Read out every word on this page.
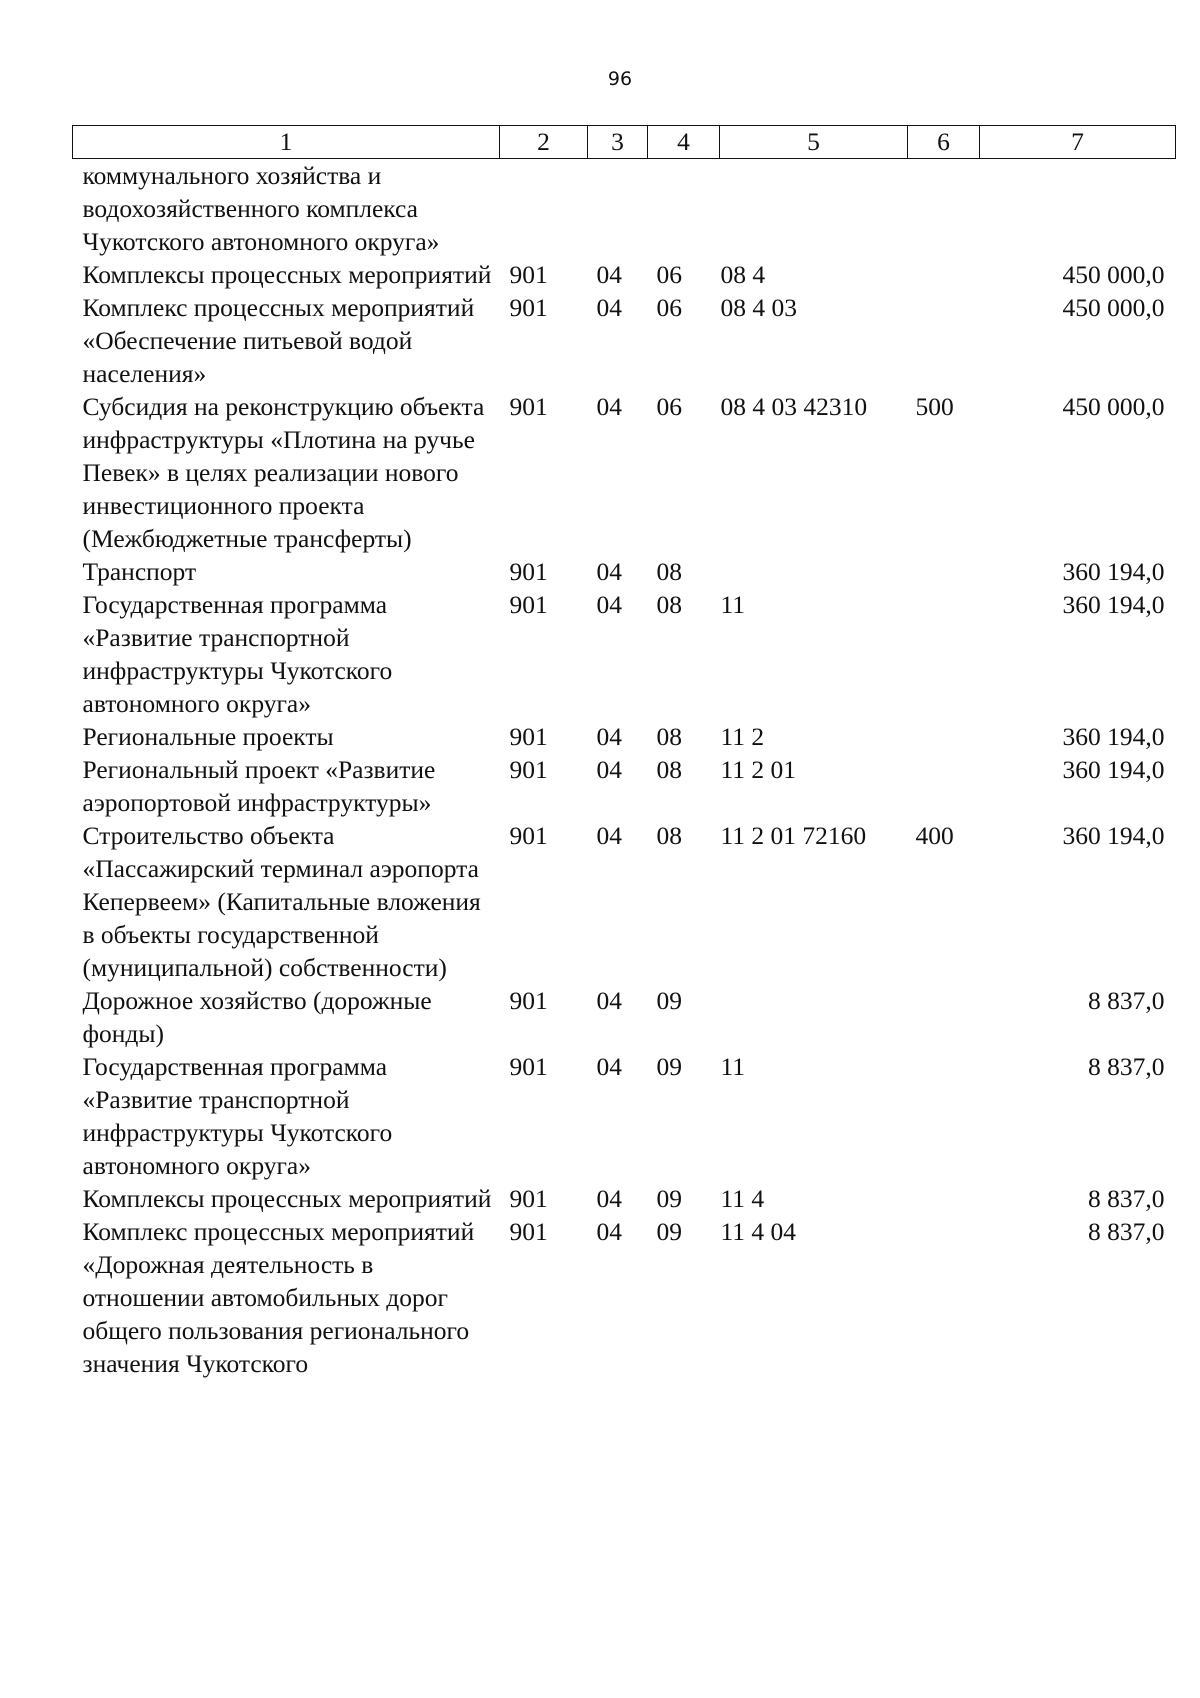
96
1	2	3	4	5	6	7
коммунального хозяйства и водохозяйственного комплекса Чукотского автономного округа»						
Комплексы процессных мероприятий	901	04	06	08 4		450 000,0
Комплекс процессных мероприятий «Обеспечение питьевой водой населения»	901	04	06	08 4 03		450 000,0
Субсидия на реконструкцию объекта инфраструктуры «Плотина на ручье Певек» в целях реализации нового инвестиционного проекта (Межбюджетные трансферты)	901	04	06	08 4 03 42310	500	450 000,0
Транспорт	901	04	08			360 194,0
Государственная программа «Развитие транспортной инфраструктуры Чукотского автономного округа»	901	04	08	11		360 194,0
Региональные проекты	901	04	08	11 2		360 194,0
Региональный проект «Развитие аэропортовой инфраструктуры»	901	04	08	11 2 01		360 194,0
Строительство объекта «Пассажирский терминал аэропорта Кепервеем» (Капитальные вложения в объекты государственной (муниципальной) собственности)	901	04	08	11 2 01 72160	400	360 194,0
Дорожное хозяйство (дорожные фонды)	901	04	09			8 837,0
Государственная программа «Развитие транспортной инфраструктуры Чукотского автономного округа»	901	04	09	11		8 837,0
Комплексы процессных мероприятий	901	04	09	11 4		8 837,0
Комплекс процессных мероприятий «Дорожная деятельность в отношении автомобильных дорог общего пользования регионального значения Чукотского	901	04	09	11 4 04		8 837,0
